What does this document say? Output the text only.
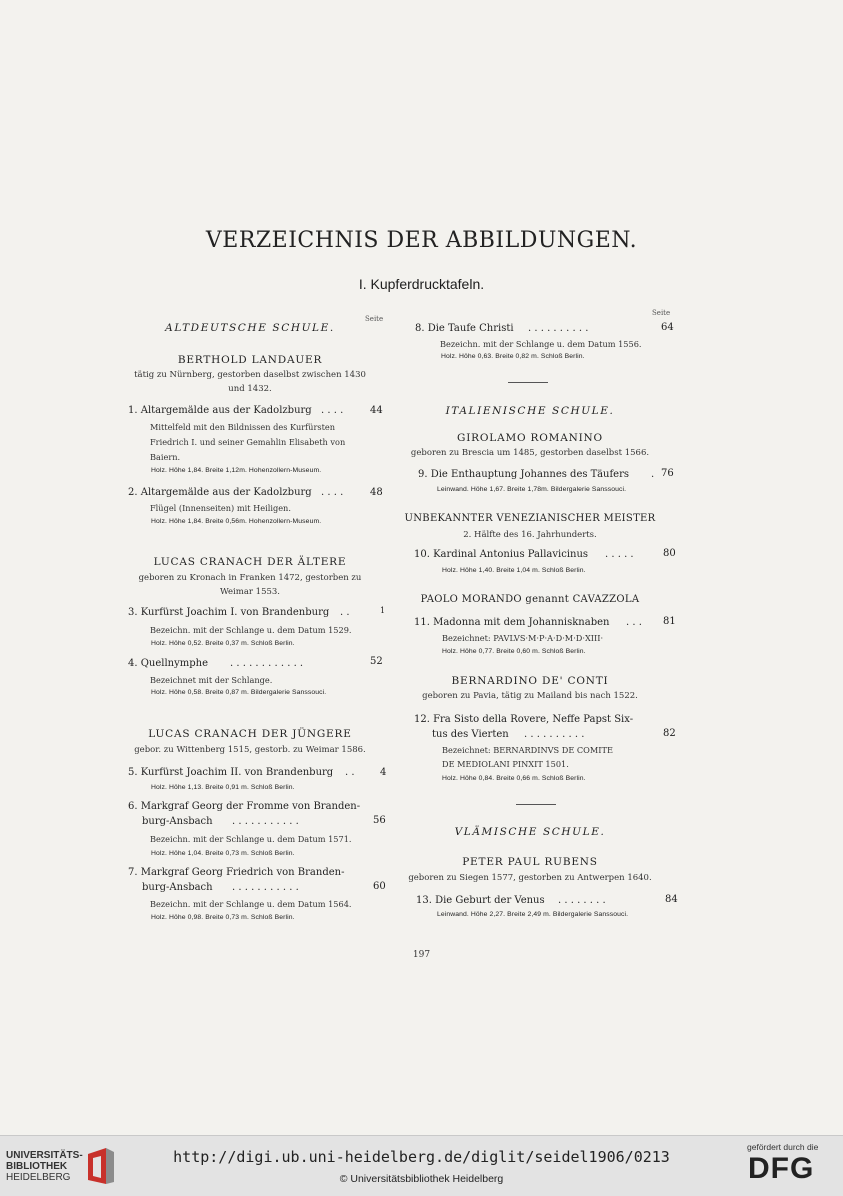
VERZEICHNIS DER ABBILDUNGEN.
I. Kupferdrucktafeln.
Seite
ALTDEUTSCHE SCHULE.
BERTHOLD LANDAUER
tätig zu Nürnberg, gestorben daselbst zwischen 1430
und 1432.
1. Altargemälde aus der Kadolzburg . . . .	44
Mittelfeld mit den Bildnissen des Kurfürsten
Friedrich I. und seiner Gemahlin Elisabeth von
Baiern.
Holz. Höhe 1,84. Breite 1,12m. Hohenzollern-Museum.
2. Altargemälde aus der Kadolzburg . . . .	48
Flügel (Innenseiten) mit Heiligen.
Holz. Höhe 1,84. Breite 0,56m. Hohenzollern-Museum.
LUCAS CRANACH DER ÄLTERE
geboren zu Kronach in Franken 1472, gestorben zu
Weimar 1553.
3. Kurfürst Joachim I. von Brandenburg . .	1
Bezeichn. mit der Schlange u. dem Datum 1529.
Holz. Höhe 0,52. Breite 0,37 m. Schloß Berlin.
4. Quellnymphe . . . . . . . . . . . .	52
Bezeichnet mit der Schlange.
Holz. Höhe 0,58. Breite 0,87 m. Bildergalerie Sanssouci.
LUCAS CRANACH DER JÜNGERE
gebor. zu Wittenberg 1515, gestorb. zu Weimar 1586.
5. Kurfürst Joachim II. von Brandenburg . .	4
Holz. Höhe 1,13. Breite 0,91 m. Schloß Berlin.
6. Markgraf Georg der Fromme von Branden-
burg-Ansbach . . . . . . . . . . .	56
Bezeichn. mit der Schlange u. dem Datum 1571.
Holz. Höhe 1,04. Breite 0,73 m. Schloß Berlin.
7. Markgraf Georg Friedrich von Branden-
burg-Ansbach . . . . . . . . . . .	60
Bezeichn. mit der Schlange u. dem Datum 1564.
Holz. Höhe 0,98. Breite 0,73 m. Schloß Berlin.
Seite
8. Die Taufe Christi . . . . . . . . . .	64
Bezeichn. mit der Schlange u. dem Datum 1556.
Holz. Höhe 0,63. Breite 0,82 m. Schloß Berlin.
ITALIENISCHE SCHULE.
GIROLAMO ROMANINO
geboren zu Brescia um 1485, gestorben daselbst 1566.
9. Die Enthauptung Johannes des Täufers . 76
Leinwand. Höhe 1,67. Breite 1,78m. Bildergalerie Sanssouci.
UNBEKANNTER VENEZIANISCHER MEISTER
2. Hälfte des 16. Jahrhunderts.
10. Kardinal Antonius Pallavicinus . . . . .	80
Holz. Höhe 1,40. Breite 1,04 m. Schloß Berlin.
PAOLO MORANDO genannt CAVAZZOLA
11. Madonna mit dem Johannisknaben . . . 81
Bezeichnet: PAVLVS·M·P·A·D·M·D·XIII·
Holz. Höhe 0,77. Breite 0,60 m. Schloß Berlin.
BERNARDINO DE' CONTI
geboren zu Pavia, tätig zu Mailand bis nach 1522.
12. Fra Sisto della Rovere, Neffe Papst Six-
tus des Vierten . . . . . . . . . .	82
Bezeichnet: BERNARDINVS DE COMITE
DE MEDIOLANI PINXIT 1501.
Holz. Höhe 0,84. Breite 0,66 m. Schloß Berlin.
VLÄMISCHE SCHULE.
PETER PAUL RUBENS
geboren zu Siegen 1577, gestorben zu Antwerpen 1640.
13. Die Geburt der Venus . . . . . . . .	84
Leinwand. Höhe 2,27. Breite 2,49 m. Bildergalerie Sanssouci.
197
UNIVERSITÄTS-
BIBLIOTHEK
HEIDELBERG
http://digi.ub.uni-heidelberg.de/diglit/seidel1906/0213
© Universitätsbibliothek Heidelberg
gefördert durch die
DFG
